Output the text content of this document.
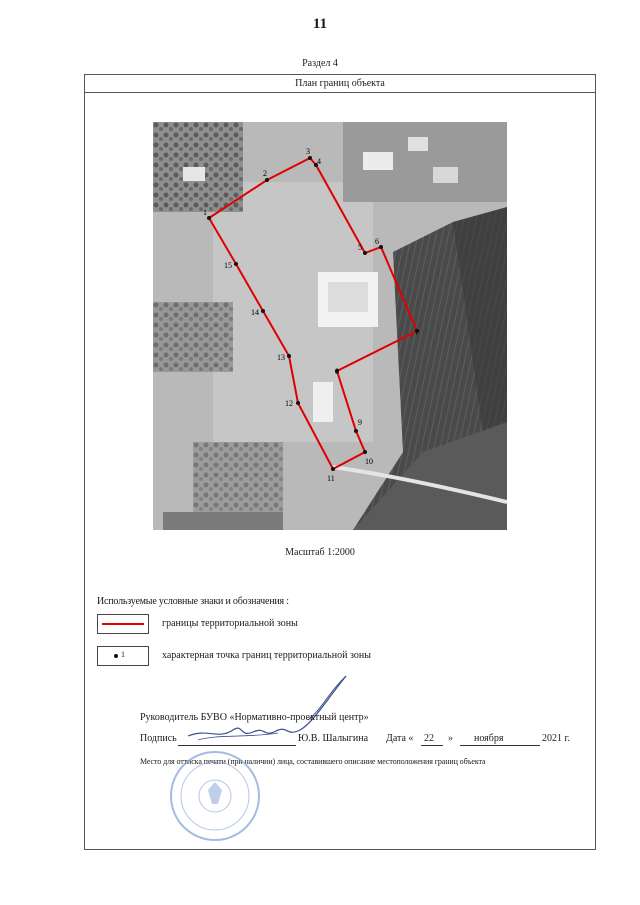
11
Раздел 4
План границ объекта
1
2
3
4
5
6
7
8
9
10
11
12
13
14
15
Масштаб 1:2000
Используемые условные знаки и обозначения :
границы территориальной зоны
1	характерная точка границ территориальной зоны
Руководитель БУВО «Нормативно-проектный центр»
Подпись	Ю.В. Шалыгина Дата « 22 » ноября	2021 г.
Место для оттиска печати (при наличии) лица, составившего описание местоположения границ объекта
